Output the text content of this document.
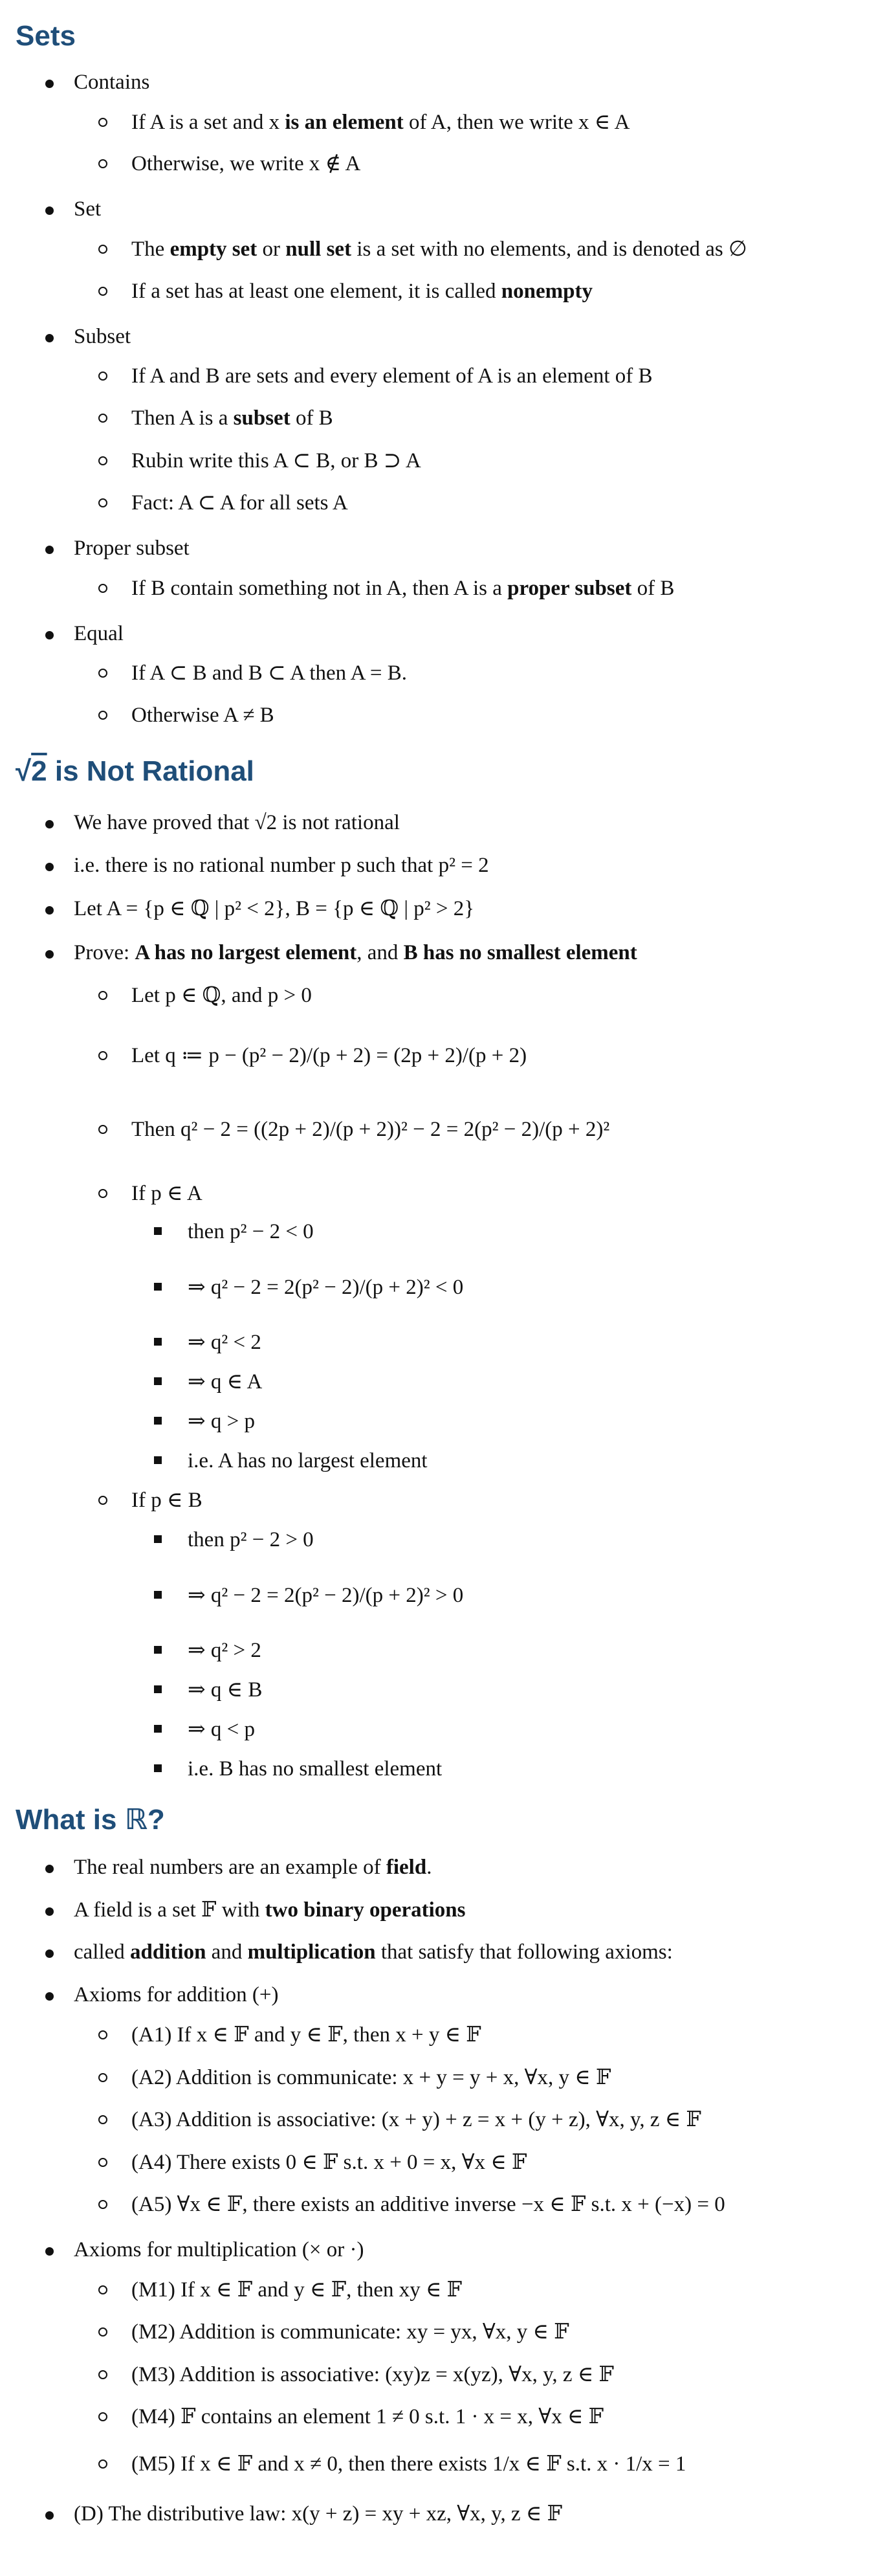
Sets
Contains
If A is a set and x is an element of A, then we write x ∈ A
Otherwise, we write x ∉ A
Set
The empty set or null set is a set with no elements, and is denoted as ∅
If a set has at least one element, it is called nonempty
Subset
If A and B are sets and every element of A is an element of B
Then A is a subset of B
Rubin write this A ⊂ B, or B ⊃ A
Fact: A ⊂ A for all sets A
Proper subset
If B contain something not in A, then A is a proper subset of B
Equal
If A ⊂ B and B ⊂ A then A = B.
Otherwise A ≠ B
√2 is Not Rational
We have proved that √2 is not rational
i.e. there is no rational number p such that p² = 2
Let A = {p ∈ ℚ | p² < 2}, B = {p ∈ ℚ | p² > 2}
Prove: A has no largest element, and B has no smallest element
Let p ∈ ℚ, and p > 0
Let q ≔ p − (p² − 2)/(p + 2) = (2p + 2)/(p + 2)
Then q² − 2 = ((2p + 2)/(p + 2))² − 2 = 2(p² − 2)/(p + 2)²
If p ∈ A
then p² − 2 < 0
⇒ q² − 2 = 2(p² − 2)/(p + 2)² < 0
⇒ q² < 2
⇒ q ∈ A
⇒ q > p
i.e. A has no largest element
If p ∈ B
then p² − 2 > 0
⇒ q² − 2 = 2(p² − 2)/(p + 2)² > 0
⇒ q² > 2
⇒ q ∈ B
⇒ q < p
i.e. B has no smallest element
What is ℝ?
The real numbers are an example of field.
A field is a set 𝔽 with two binary operations
called addition and multiplication that satisfy that following axioms:
Axioms for addition (+)
(A1) If x ∈ 𝔽 and y ∈ 𝔽, then x + y ∈ 𝔽
(A2) Addition is communicate: x + y = y + x, ∀x, y ∈ 𝔽
(A3) Addition is associative: (x + y) + z = x + (y + z), ∀x, y, z ∈ 𝔽
(A4) There exists 0 ∈ 𝔽 s.t. x + 0 = x, ∀x ∈ 𝔽
(A5) ∀x ∈ 𝔽, there exists an additive inverse −x ∈ 𝔽 s.t. x + (−x) = 0
Axioms for multiplication (× or ·)
(M1) If x ∈ 𝔽 and y ∈ 𝔽, then xy ∈ 𝔽
(M2) Addition is communicate: xy = yx, ∀x, y ∈ 𝔽
(M3) Addition is associative: (xy)z = x(yz), ∀x, y, z ∈ 𝔽
(M4) 𝔽 contains an element 1 ≠ 0 s.t. 1 · x = x, ∀x ∈ 𝔽
(M5) If x ∈ 𝔽 and x ≠ 0, then there exists 1/x ∈ 𝔽 s.t. x · 1/x = 1
(D) The distributive law: x(y + z) = xy + xz, ∀x, y, z ∈ 𝔽
